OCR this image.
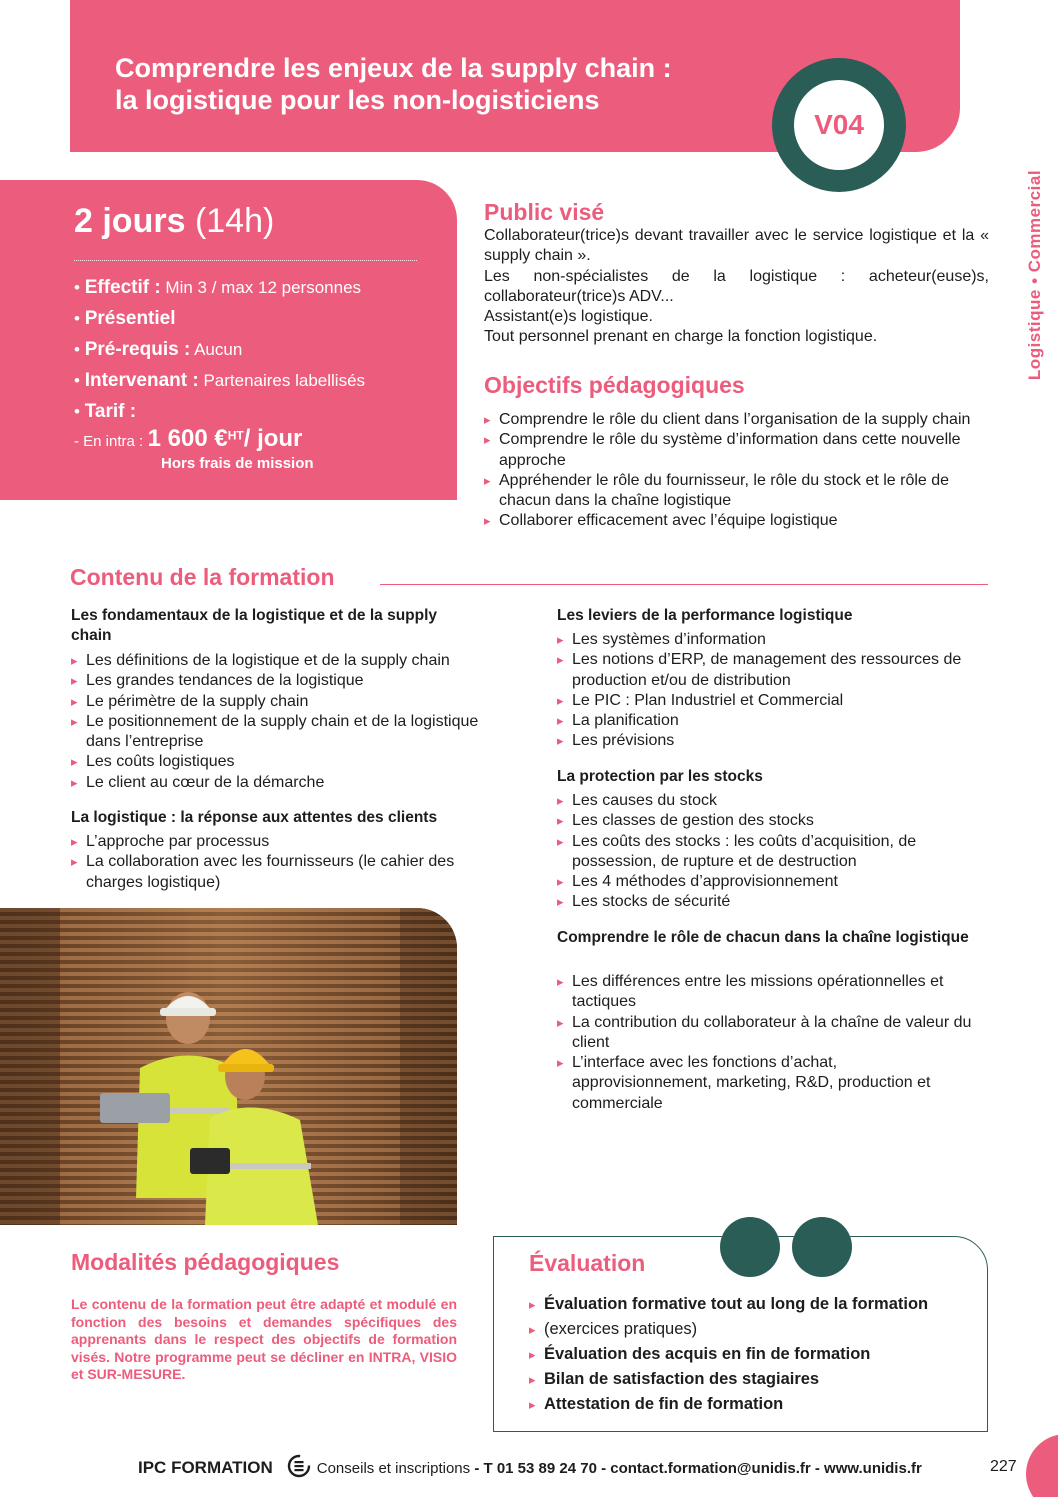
Comprendre les enjeux de la supply chain :
la logistique pour les non-logisticiens
V04
Logistique • Commercial
2 jours (14h)
• Effectif : Min 3 / max 12 personnes
• Présentiel
• Pré-requis : Aucun
• Intervenant : Partenaires labellisés
• Tarif :
- En intra : 1 600 €$^{HT}$/ jour
Hors frais de mission
Public visé
Collaborateur(trice)s devant travailler avec le service logistique et la « supply chain ».
Les non-spécialistes de la logistique : acheteur(euse)s, collaborateur(trice)s ADV...
Assistant(e)s logistique.
Tout personnel prenant en charge la fonction logistique.
Objectifs pédagogiques
▸ Comprendre le rôle du client dans l’organisation de la supply chain
▸ Comprendre le rôle du système d’information dans cette nouvelle approche
▸ Appréhender le rôle du fournisseur, le rôle du stock et le rôle de chacun dans la chaîne logistique
▸ Collaborer efficacement avec l’équipe logistique
Contenu de la formation
Les fondamentaux de la logistique et de la supply chain
▸ Les définitions de la logistique et de la supply chain
▸ Les grandes tendances de la logistique
▸ Le périmètre de la supply chain
▸ Le positionnement de la supply chain et de la logistique dans l’entreprise
▸ Les coûts logistiques
▸ Le client au cœur de la démarche
La logistique : la réponse aux attentes des clients
▸ L’approche par processus
▸ La collaboration avec les fournisseurs (le cahier des charges logistique)
Les leviers de la performance logistique
▸ Les systèmes d’information
▸ Les notions d’ERP, de management des ressources de production et/ou de distribution
▸ Le PIC : Plan Industriel et Commercial
▸ La planification
▸ Les prévisions
La protection par les stocks
▸ Les causes du stock
▸ Les classes de gestion des stocks
▸ Les coûts des stocks : les coûts d’acquisition, de possession, de rupture et de destruction
▸ Les 4 méthodes d’approvisionnement
▸ Les stocks de sécurité
Comprendre le rôle de chacun dans la chaîne logistique
▸ Les différences entre les missions opérationnelles et tactiques
▸ La contribution du collaborateur à la chaîne de valeur du client
▸ L’interface avec les fonctions d’achat, approvisionnement, marketing, R&D, production et commerciale
Modalités pédagogiques

Le contenu de la formation peut être adapté et modulé en fonction des besoins et demandes spécifiques des apprenants dans le respect des objectifs de formation visés. Notre programme peut se décliner en INTRA, VISIO et SUR-MESURE.

Évaluation
▸ Évaluation formative tout au long de la formation
▸ (exercices pratiques)
▸ Évaluation des acquis en fin de formation
▸ Bilan de satisfaction des stagiaires
▸ Attestation de fin de formation
IPC FORMATION	Conseils et inscriptions
- T 01 53 89 24 70 - contact.formation@unidis.fr - www.unidis.fr	227
